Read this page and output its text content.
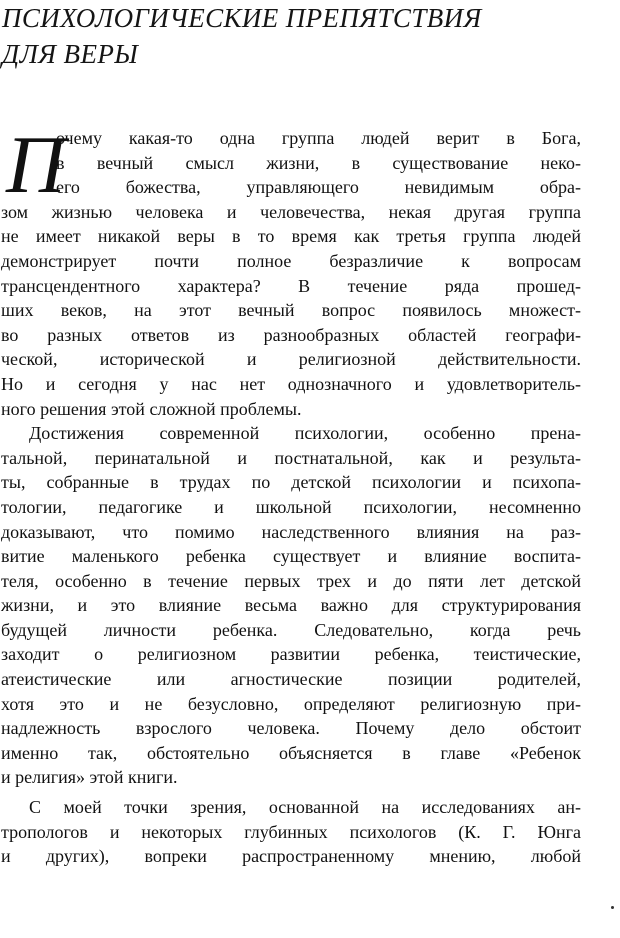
ПСИХОЛОГИЧЕСКИЕ ПРЕПЯТСТВИЯ
ДЛЯ ВЕРЫ
П
очему какая-то одна группа людей верит в Бога,
в вечный смысл жизни, в существование неко-
его божества, управляющего невидимым обра-
зом жизнью человека и человечества, некая другая группа
не имеет никакой веры в то время как третья группа людей
демонстрирует почти полное безразличие к вопросам
трансцендентного характера? В течение ряда прошед-
ших веков, на этот вечный вопрос появилось множест-
во разных ответов из разнообразных областей географи-
ческой, исторической и религиозной действительности.
Но и сегодня у нас нет однозначного и удовлетворитель-
ного решения этой сложной проблемы.
Достижения современной психологии, особенно прена-
тальной, перинатальной и постнатальной, как и результа-
ты, собранные в трудах по детской психологии и психопа-
тологии, педагогике и школьной психологии, несомненно
доказывают, что помимо наследственного влияния на раз-
витие маленького ребенка существует и влияние воспита-
теля, особенно в течение первых трех и до пяти лет детской
жизни, и это влияние весьма важно для структурирования
будущей личности ребенка. Следовательно, когда речь
заходит о религиозном развитии ребенка, теистические,
атеистические или агностические позиции родителей,
хотя это и не безусловно, определяют религиозную при-
надлежность взрослого человека. Почему дело обстоит
именно так, обстоятельно объясняется в главе «Ребенок
и религия» этой книги.
С моей точки зрения, основанной на исследованиях ан-
тропологов и некоторых глубинных психологов (К. Г. Юнга
и других), вопреки распространенному мнению, любой
